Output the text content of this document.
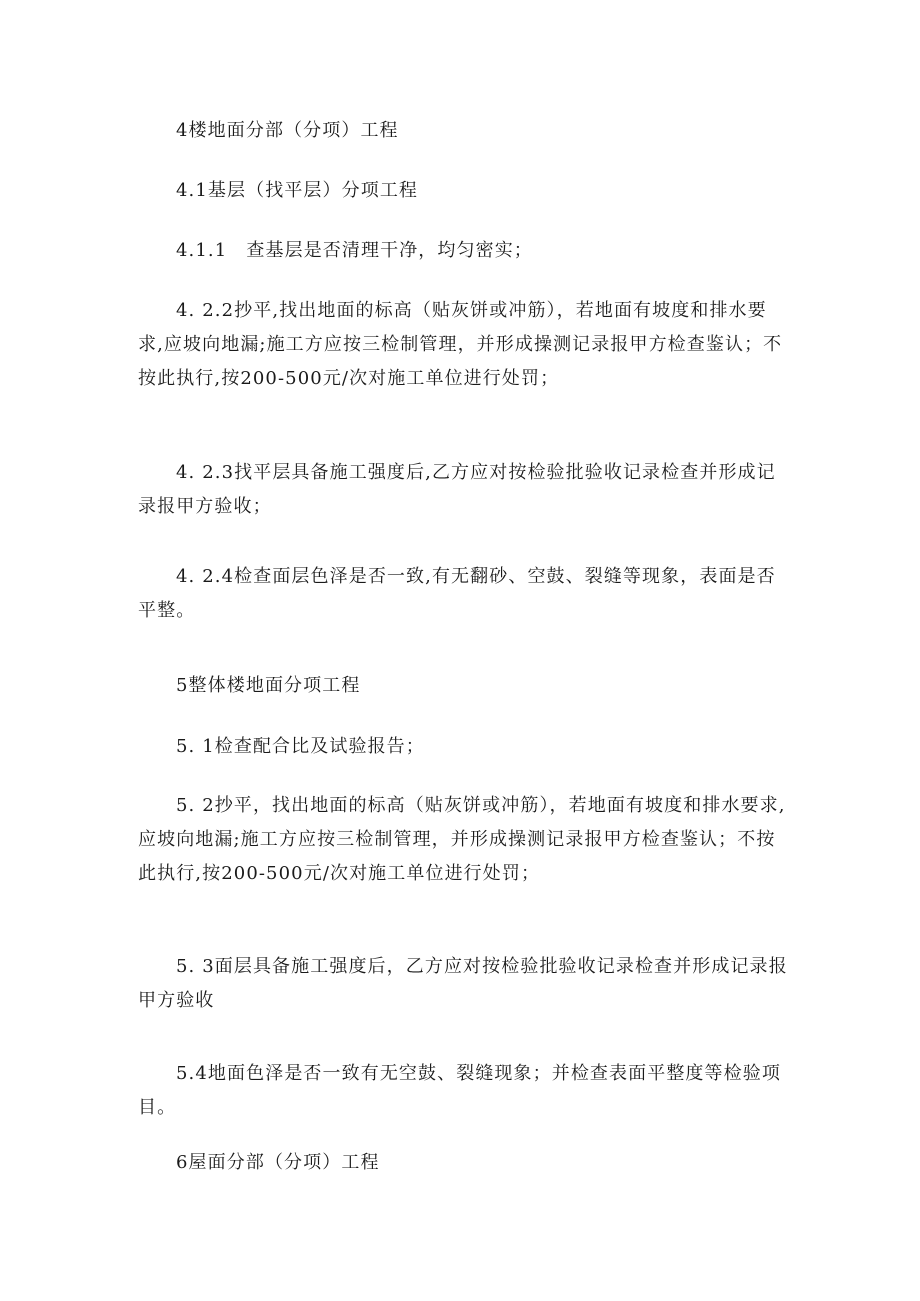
4楼地面分部（分项）工程

4.1基层（找平层）分项工程

4.1.1　查基层是否清理干净，均匀密实；

4. 2.2抄平,找出地面的标高（贴灰饼或冲筋），若地面有坡度和排水要求,应坡向地漏;施工方应按三检制管理，并形成操测记录报甲方检查鉴认；不按此执行,按200-500元/次对施工单位进行处罚；

4. 2.3找平层具备施工强度后,乙方应对按检验批验收记录检查并形成记录报甲方验收；

4. 2.4检查面层色泽是否一致,有无翻砂、空鼓、裂缝等现象，表面是否平整。

5整体楼地面分项工程

5. 1检查配合比及试验报告；

5. 2抄平，找出地面的标高（贴灰饼或冲筋），若地面有坡度和排水要求,应坡向地漏;施工方应按三检制管理，并形成操测记录报甲方检查鉴认；不按此执行,按200-500元/次对施工单位进行处罚；

5. 3面层具备施工强度后，乙方应对按检验批验收记录检查并形成记录报甲方验收

5.4地面色泽是否一致有无空鼓、裂缝现象；并检查表面平整度等检验项目。

6屋面分部（分项）工程
